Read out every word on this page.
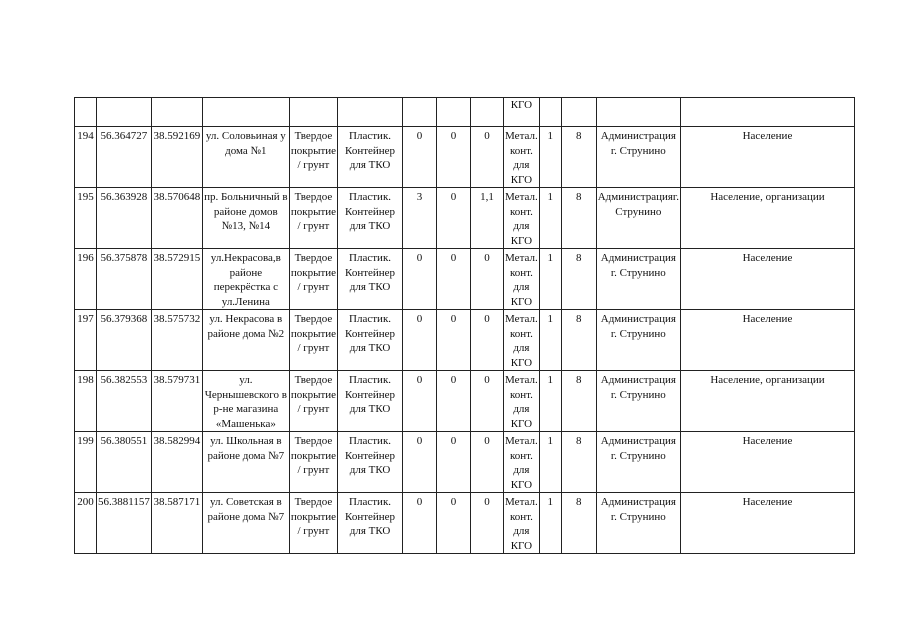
									КГО				
194	56.364727	38.592169	ул. Соловьиная у дома №1	Твердое покрытие / грунт	Пластик. Контейнер для ТКО	0	0	0	Метал. конт. для КГО	1	8	Администрация г. Струнино	Население
195	56.363928	38.570648	пр. Больничный в районе домов №13, №14	Твердое покрытие / грунт	Пластик. Контейнер для ТКО	3	0	1,1	Метал. конт. для КГО	1	8	Администрацияг. Струнино	Население, организации
196	56.375878	38.572915	ул.Некрасова,в районе перекрёстка с ул.Ленина	Твердое покрытие / грунт	Пластик. Контейнер для ТКО	0	0	0	Метал. конт. для КГО	1	8	Администрация г. Струнино	Население
197	56.379368	38.575732	ул. Некрасова в районе дома №2	Твердое покрытие / грунт	Пластик. Контейнер для ТКО	0	0	0	Метал. конт. для КГО	1	8	Администрация г. Струнино	Население
198	56.382553	38.579731	ул. Чернышевского в р-не магазина «Машенька»	Твердое покрытие / грунт	Пластик. Контейнер для ТКО	0	0	0	Метал. конт. для КГО	1	8	Администрация г. Струнино	Население, организации
199	56.380551	38.582994	ул. Школьная в районе дома №7	Твердое покрытие / грунт	Пластик. Контейнер для ТКО	0	0	0	Метал. конт. для КГО	1	8	Администрация г. Струнино	Население
200	56.3881157	38.587171	ул. Советская в районе дома №7	Твердое покрытие / грунт	Пластик. Контейнер для ТКО	0	0	0	Метал. конт. для КГО	1	8	Администрация г. Струнино	Население
